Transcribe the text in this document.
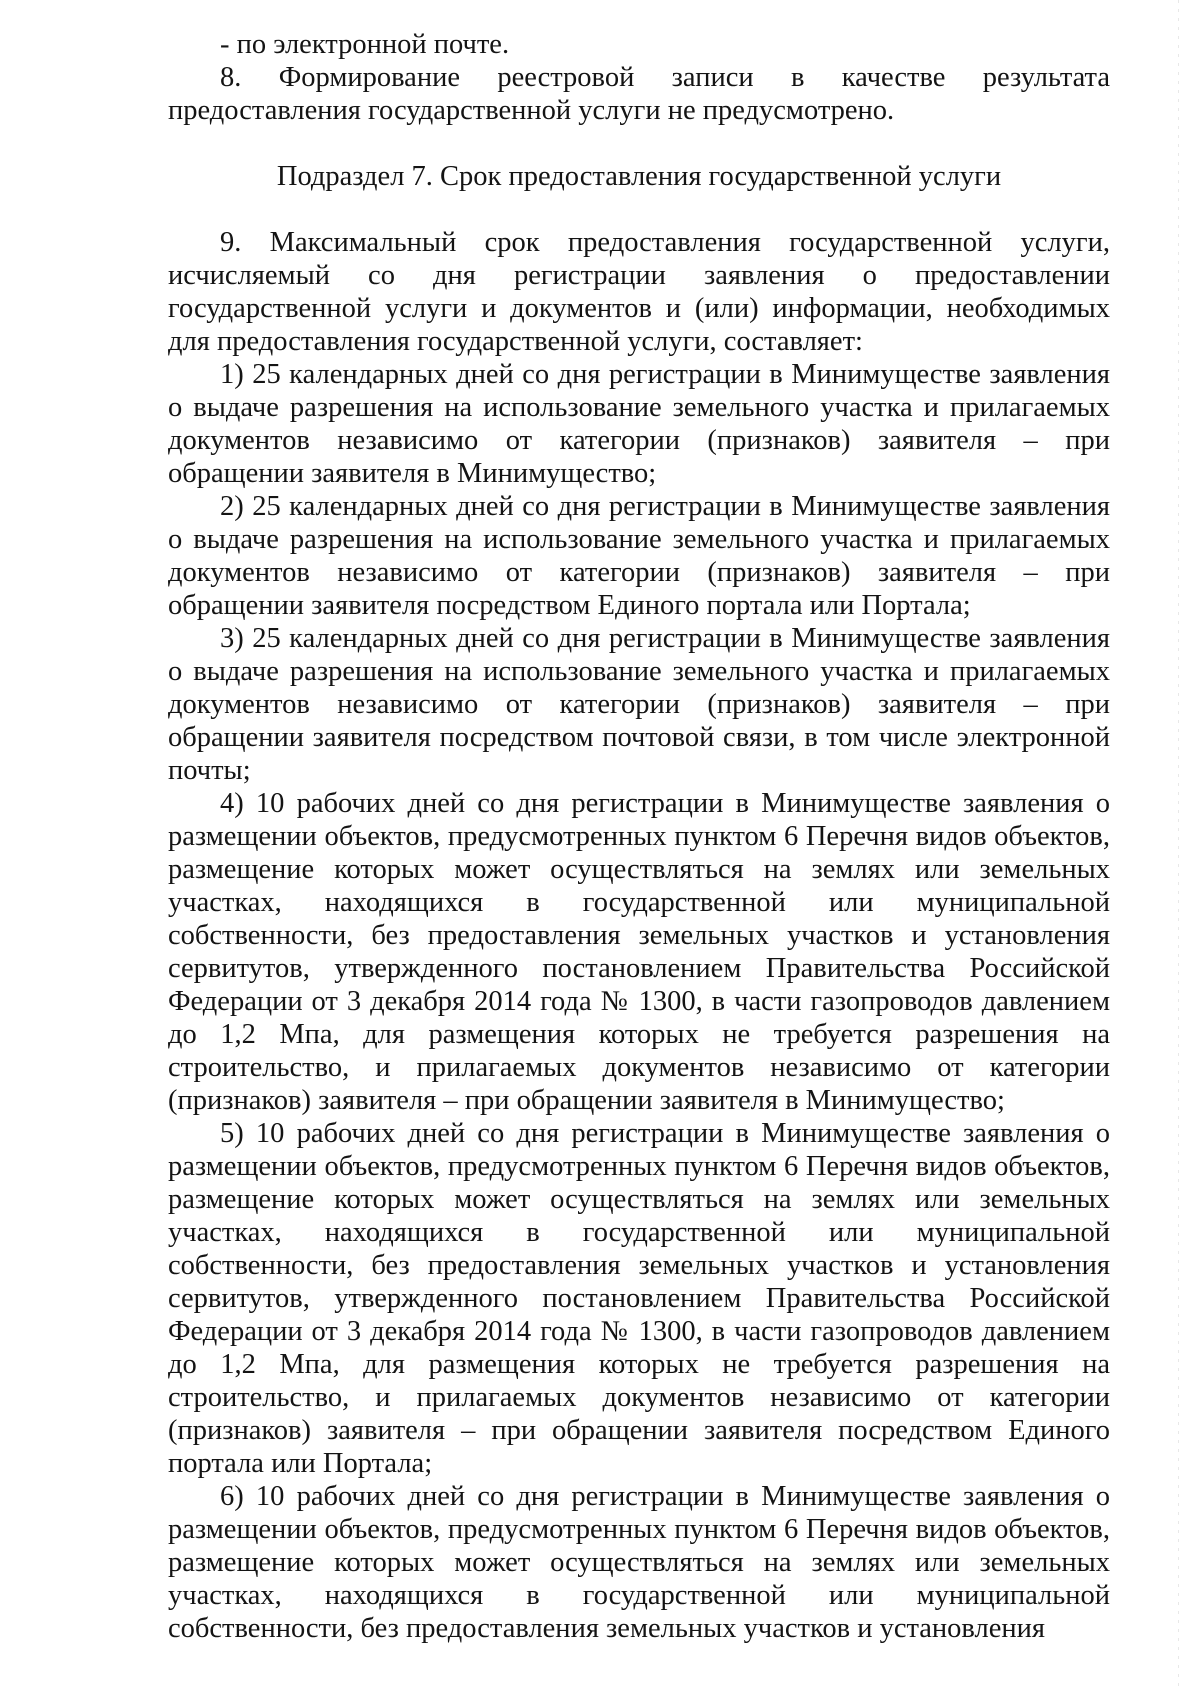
- по электронной почте.

8. Формирование реестровой записи в качестве результата предоставления государственной услуги не предусмотрено.

Подраздел 7. Срок предоставления государственной услуги

9. Максимальный срок предоставления государственной услуги, исчисляемый со дня регистрации заявления о предоставлении государственной услуги и документов и (или) информации, необходимых для предоставления государственной услуги, составляет:

1) 25 календарных дней со дня регистрации в Минимуществе заявления о выдаче разрешения на использование земельного участка и прилагаемых документов независимо от категории (признаков) заявителя – при обращении заявителя в Минимущество;

2) 25 календарных дней со дня регистрации в Минимуществе заявления о выдаче разрешения на использование земельного участка и прилагаемых документов независимо от категории (признаков) заявителя – при обращении заявителя посредством Единого портала или Портала;

3) 25 календарных дней со дня регистрации в Минимуществе заявления о выдаче разрешения на использование земельного участка и прилагаемых документов независимо от категории (признаков) заявителя – при обращении заявителя посредством почтовой связи, в том числе электронной почты;

4) 10 рабочих дней со дня регистрации в Минимуществе заявления о размещении объектов, предусмотренных пунктом 6 Перечня видов объектов, размещение которых может осуществляться на землях или земельных участках, находящихся в государственной или муниципальной собственности, без предоставления земельных участков и установления сервитутов, утвержденного постановлением Правительства Российской Федерации от 3 декабря 2014 года № 1300, в части газопроводов давлением до 1,2 Мпа, для размещения которых не требуется разрешения на строительство, и прилагаемых документов независимо от категории (признаков) заявителя – при обращении заявителя в Минимущество;

5) 10 рабочих дней со дня регистрации в Минимуществе заявления о размещении объектов, предусмотренных пунктом 6 Перечня видов объектов, размещение которых может осуществляться на землях или земельных участках, находящихся в государственной или муниципальной собственности, без предоставления земельных участков и установления сервитутов, утвержденного постановлением Правительства Российской Федерации от 3 декабря 2014 года № 1300, в части газопроводов давлением до 1,2 Мпа, для размещения которых не требуется разрешения на строительство, и прилагаемых документов независимо от категории (признаков) заявителя – при обращении заявителя посредством Единого портала или Портала;

6) 10 рабочих дней со дня регистрации в Минимуществе заявления о размещении объектов, предусмотренных пунктом 6 Перечня видов объектов, размещение которых может осуществляться на землях или земельных участках, находящихся в государственной или муниципальной собственности, без предоставления земельных участков и установления
